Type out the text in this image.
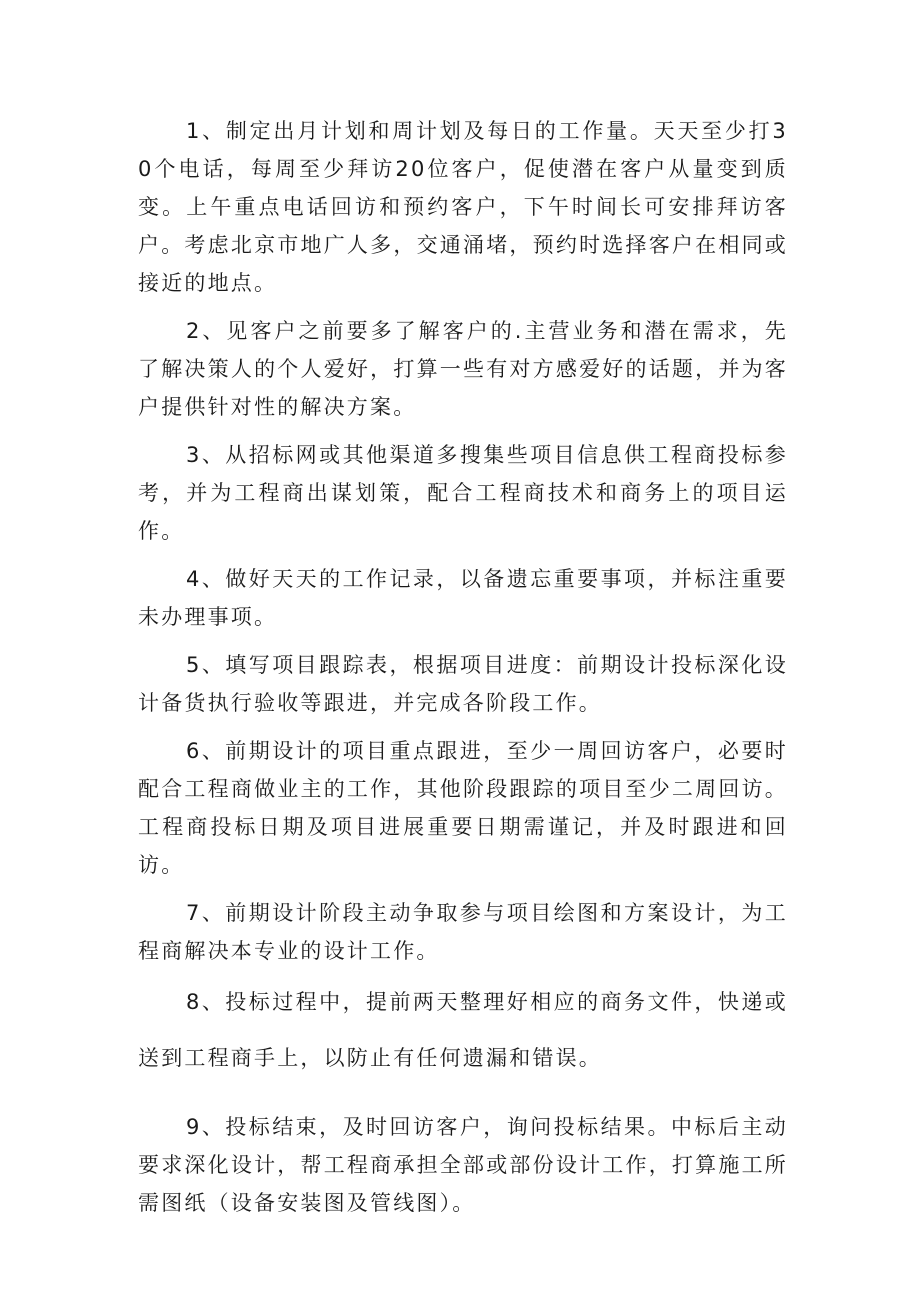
1、制定出月计划和周计划及每日的工作量。天天至少打30个电话，每周至少拜访20位客户，促使潜在客户从量变到质变。上午重点电话回访和预约客户，下午时间长可安排拜访客户。考虑北京市地广人多，交通涌堵，预约时选择客户在相同或接近的地点。

2、见客户之前要多了解客户的.主营业务和潜在需求，先了解决策人的个人爱好，打算一些有对方感爱好的话题，并为客户提供针对性的解决方案。

3、从招标网或其他渠道多搜集些项目信息供工程商投标参考，并为工程商出谋划策，配合工程商技术和商务上的项目运作。

4、做好天天的工作记录，以备遗忘重要事项，并标注重要未办理事项。

5、填写项目跟踪表，根据项目进度：前期设计投标深化设计备货执行验收等跟进，并完成各阶段工作。

6、前期设计的项目重点跟进，至少一周回访客户，必要时配合工程商做业主的工作，其他阶段跟踪的项目至少二周回访。工程商投标日期及项目进展重要日期需谨记，并及时跟进和回访。

7、前期设计阶段主动争取参与项目绘图和方案设计，为工程商解决本专业的设计工作。

8、投标过程中，提前两天整理好相应的商务文件，快递或送到工程商手上，以防止有任何遗漏和错误。

9、投标结束，及时回访客户，询问投标结果。中标后主动要求深化设计，帮工程商承担全部或部份设计工作，打算施工所需图纸（设备安装图及管线图）。
